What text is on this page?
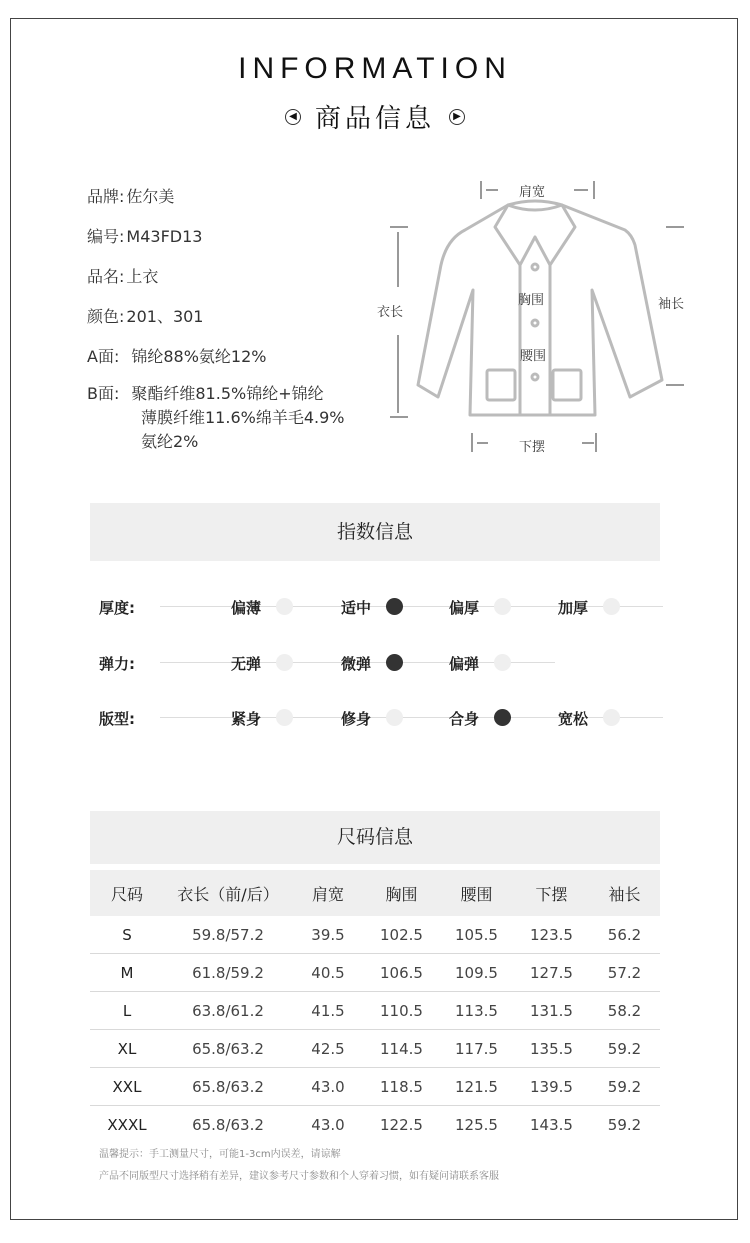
INFORMATION
◀ 商品信息 ▶
品牌: 佐尔美
编号: M43FD13
品名: 上衣
颜色: 201、301
A面: 锦纶88%氨纶12%
B面: 聚酯纤维81.5%锦纶+锦纶
薄膜纤维11.6%绵羊毛4.9%
氨纶2%
肩宽
衣长
袖长
胸围
腰围
下摆
指数信息
厚度:	偏薄	适中	偏厚	加厚
弹力:	无弹	微弹	偏弹
版型:	紧身	修身	合身	宽松
尺码信息
尺码	衣长（前/后）	肩宽	胸围	腰围	下摆	袖长
S	59.8/57.2	39.5	102.5	105.5	123.5	56.2
M	61.8/59.2	40.5	106.5	109.5	127.5	57.2
L	63.8/61.2	41.5	110.5	113.5	131.5	58.2
XL	65.8/63.2	42.5	114.5	117.5	135.5	59.2
XXL	65.8/63.2	43.0	118.5	121.5	139.5	59.2
XXXL	65.8/63.2	43.0	122.5	125.5	143.5	59.2
温馨提示：手工测量尺寸，可能1-3cm内误差，请谅解
产品不同版型尺寸选择稍有差异，建议参考尺寸参数和个人穿着习惯，如有疑问请联系客服
